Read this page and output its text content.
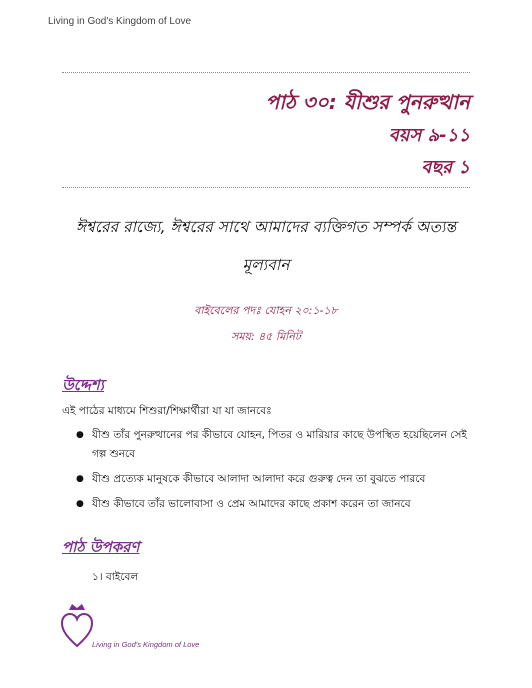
Living in God's Kingdom of Love
পাঠ ৩০: যীশুর পুনরুত্থান
বয়স ৯-১১
বছর ১
ঈশ্বরের রাজ্যে, ঈশ্বরের সাথে আমাদের ব্যক্তিগত সম্পর্ক অত্যন্ত মূল্যবান
বাইবেলের পদঃ যোহন ২০:১-১৮
সময়: ৪৫ মিনিট
উদ্দেশ্য
এই পাঠের মাধ্যমে শিশুরা/শিক্ষার্থীরা যা যা জানবেঃ
● যীশু তাঁর পুনরুত্থানের পর কীভাবে যোহন, পিতর ও মারিয়ার কাছে উপস্থিত হয়েছিলেন সেই গল্প শুনবে
● যীশু প্রত্যেক মানুষকে কীভাবে আলাদা আলাদা করে গুরুত্ব দেন তা বুঝতে পারবে
● যীশু কীভাবে তাঁর ভালোবাসা ও প্রেম আমাদের কাছে প্রকাশ করেন তা জানবে
পাঠ উপকরণ
১। বাইবেল
Living in God's Kingdom of Love
